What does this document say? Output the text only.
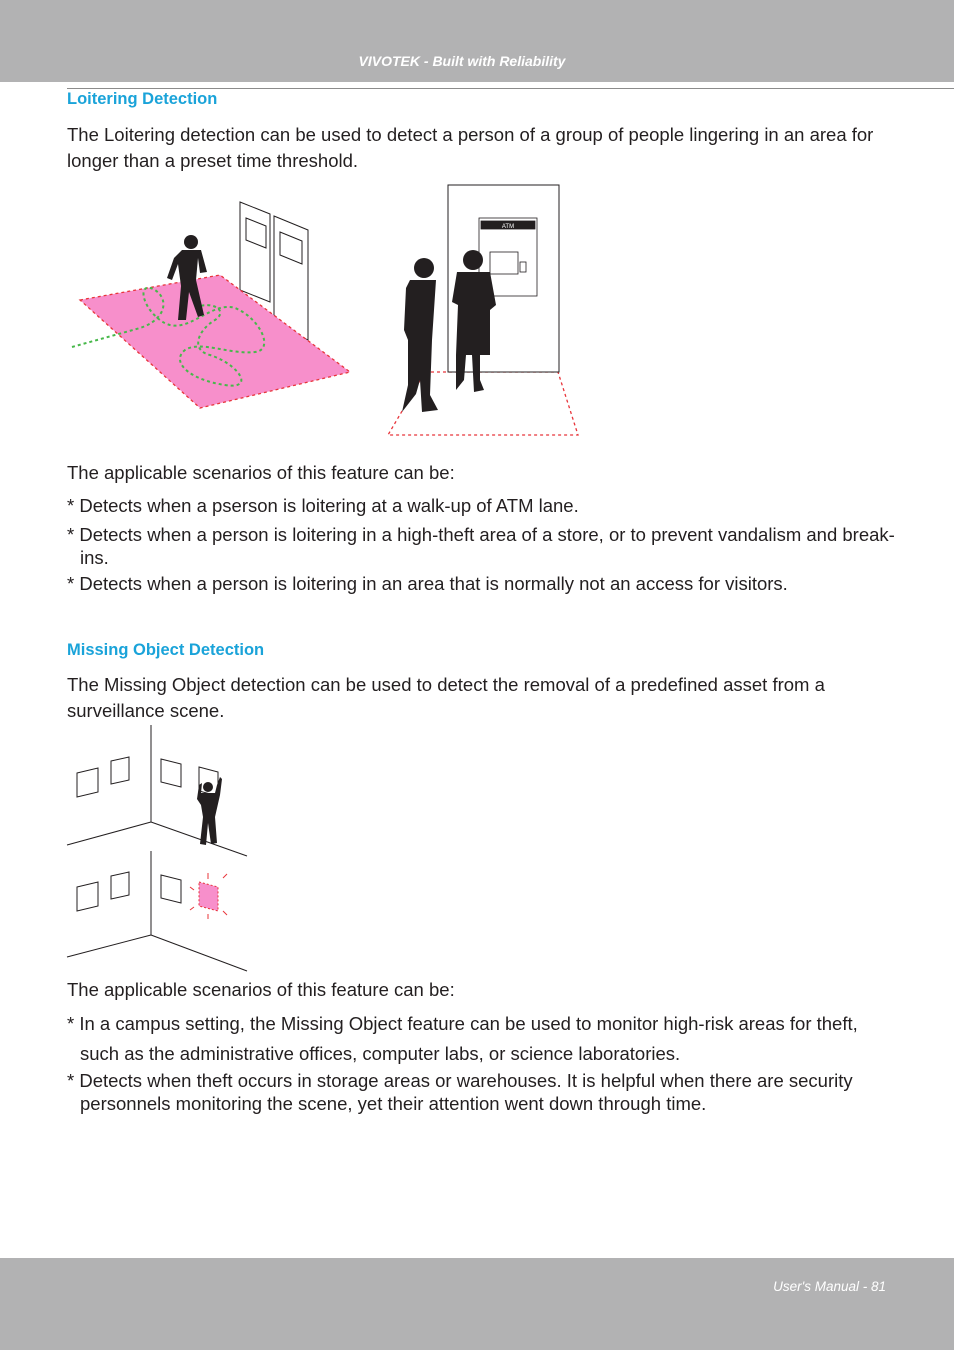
VIVOTEK - Built with Reliability
Loitering Detection
The Loitering detection can be used to detect a person of a group of people lingering in an area for longer than a preset time threshold.
ATM
The applicable scenarios of this feature can be:
* Detects when a pserson is loitering at a walk-up of ATM lane.
* Detects when a person is loitering in a high-theft area of a store, or to prevent vandalism and break-ins.
* Detects when a person is loitering in an area that is normally not an access for visitors.
Missing Object Detection
The Missing Object detection can be used to detect the removal of a predefined asset from a surveillance scene.
The applicable scenarios of this feature can be:
* In a campus setting, the Missing Object feature can be used to monitor high-risk areas for theft, such as the administrative offices, computer labs, or science laboratories.
* Detects when theft occurs in storage areas or warehouses. It is helpful when there are security personnels monitoring the scene, yet their attention went down through time.
User's Manual - 81
